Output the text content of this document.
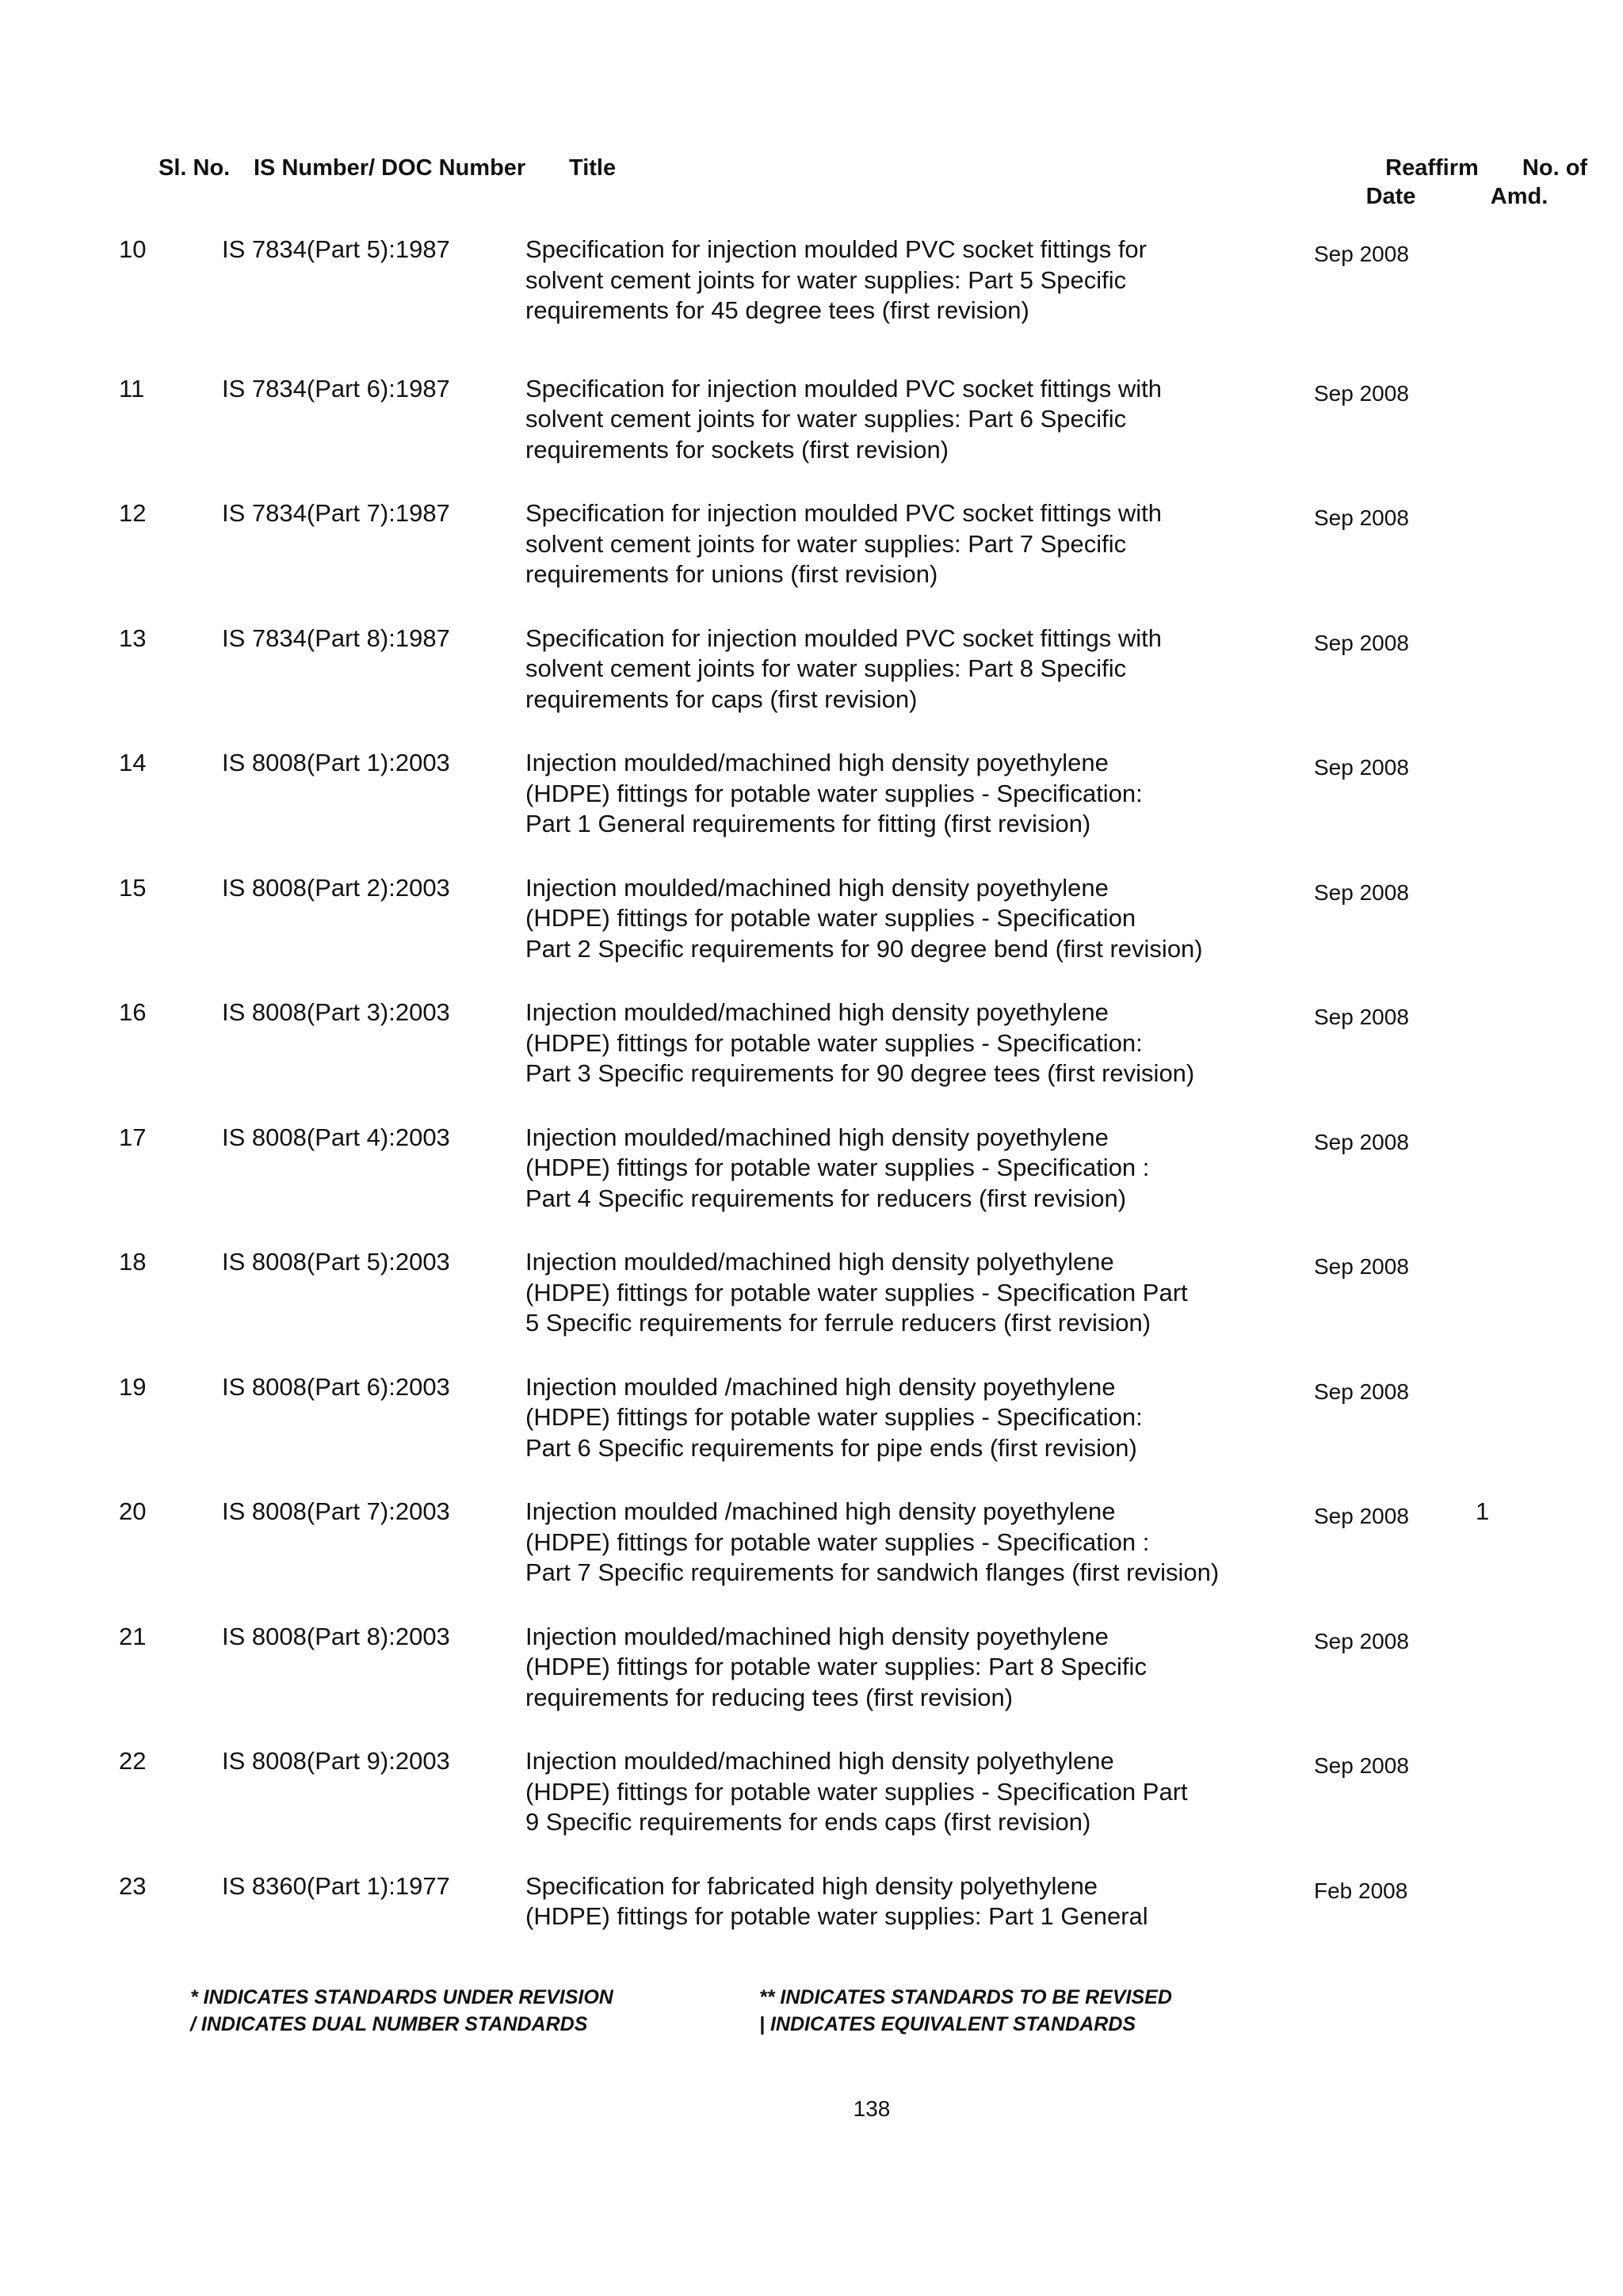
Sl. No. IS Number/ DOC Number Title	Reaffirm
Date
No. of
Amd.
10	IS 7834(Part 5):1987	Specification for injection moulded PVC socket fittings for
solvent cement joints for water supplies: Part 5 Specific
requirements for 45 degree tees (first revision)
Sep 2008
11	IS 7834(Part 6):1987	Specification for injection moulded PVC socket fittings with
solvent cement joints for water supplies: Part 6 Specific
requirements for sockets (first revision)
Sep 2008
12	IS 7834(Part 7):1987	Specification for injection moulded PVC socket fittings with
solvent cement joints for water supplies: Part 7 Specific
requirements for unions (first revision)
Sep 2008
13	IS 7834(Part 8):1987	Specification for injection moulded PVC socket fittings with
solvent cement joints for water supplies: Part 8 Specific
requirements for caps (first revision)
Sep 2008
14	IS 8008(Part 1):2003	Injection moulded/machined high density poyethylene
(HDPE) fittings for potable water supplies - Specification:
Part 1 General requirements for fitting (first revision)
Sep 2008
15	IS 8008(Part 2):2003	Injection moulded/machined high density poyethylene
(HDPE) fittings for potable water supplies - Specification
Part 2 Specific requirements for 90 degree bend (first revision)
Sep 2008
16	IS 8008(Part 3):2003	Injection moulded/machined high density poyethylene
(HDPE) fittings for potable water supplies - Specification:
Part 3 Specific requirements for 90 degree tees (first revision)
Sep 2008
17	IS 8008(Part 4):2003	Injection moulded/machined high density poyethylene
(HDPE) fittings for potable water supplies - Specification :
Part 4 Specific requirements for reducers (first revision)
Sep 2008
18	IS 8008(Part 5):2003	Injection moulded/machined high density polyethylene
(HDPE) fittings for potable water supplies - Specification Part
5 Specific requirements for ferrule reducers (first revision)
Sep 2008
19	IS 8008(Part 6):2003	Injection moulded /machined high density poyethylene
(HDPE) fittings for potable water supplies - Specification:
Part 6 Specific requirements for pipe ends (first revision)
Sep 2008
20	IS 8008(Part 7):2003	Injection moulded /machined high density poyethylene
(HDPE) fittings for potable water supplies - Specification :
Part 7 Specific requirements for sandwich flanges (first revision)
Sep 2008	1
21	IS 8008(Part 8):2003	Injection moulded/machined high density poyethylene
(HDPE) fittings for potable water supplies: Part 8 Specific
requirements for reducing tees (first revision)
Sep 2008
22	IS 8008(Part 9):2003	Injection moulded/machined high density polyethylene
(HDPE) fittings for potable water supplies - Specification Part
9 Specific requirements for ends caps (first revision)
Sep 2008
23	IS 8360(Part 1):1977	Specification for fabricated high density polyethylene
(HDPE) fittings for potable water supplies: Part 1 General
Feb 2008
* INDICATES STANDARDS UNDER REVISION
/ INDICATES DUAL NUMBER STANDARDS
** INDICATES STANDARDS TO BE REVISED
| INDICATES EQUIVALENT STANDARDS
138
